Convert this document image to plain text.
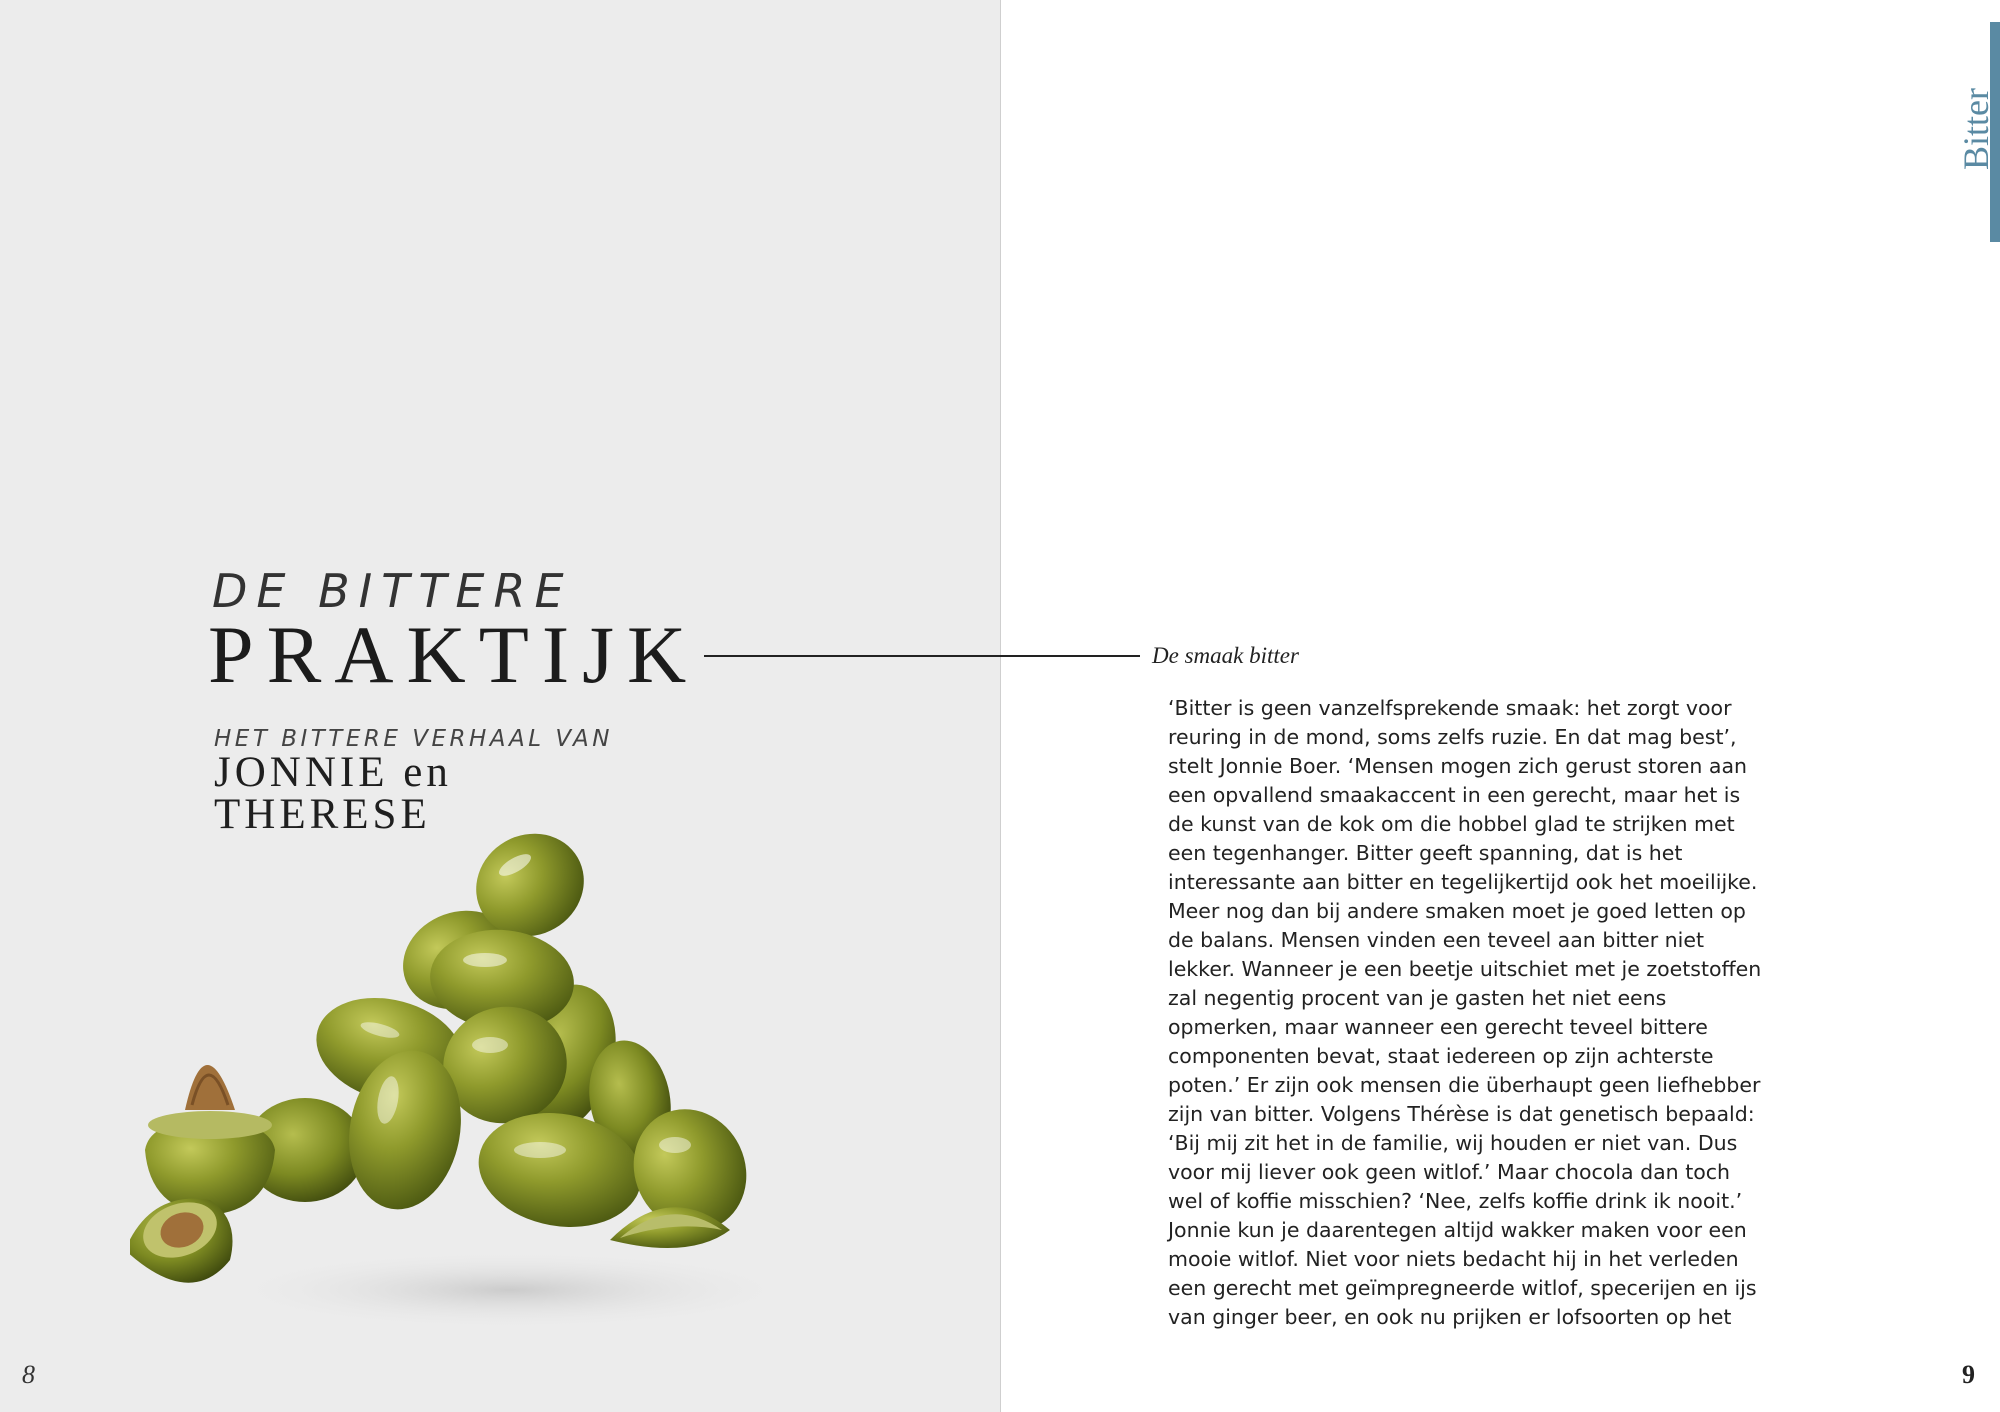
DE BITTERE
PRAKTIJK	De smaak bitter
HET BITTERE VERHAAL VAN
JONNIE en
THERESE
‘Bitter is geen vanzelfsprekende smaak: het zorgt voor
reuring in de mond, soms zelfs ruzie. En dat mag best’,
stelt Jonnie Boer. ‘Mensen mogen zich gerust storen aan
een opvallend smaakaccent in een gerecht, maar het is
de kunst van de kok om die hobbel glad te strijken met
een tegenhanger. Bitter geeft spanning, dat is het
interessante aan bitter en tegelijkertijd ook het moeilijke.
Meer nog dan bij andere smaken moet je goed letten op
de balans. Mensen vinden een teveel aan bitter niet
lekker. Wanneer je een beetje uitschiet met je zoetstoffen
zal negentig procent van je gasten het niet eens
opmerken, maar wanneer een gerecht teveel bittere
componenten bevat, staat iedereen op zijn achterste
poten.’ Er zijn ook mensen die überhaupt geen liefhebber
zijn van bitter. Volgens Thérèse is dat genetisch bepaald:
‘Bij mij zit het in de familie, wij houden er niet van. Dus
voor mij liever ook geen witlof.’ Maar chocola dan toch
wel of koffie misschien? ‘Nee, zelfs koffie drink ik nooit.’
Jonnie kun je daarentegen altijd wakker maken voor een
mooie witlof. Niet voor niets bedacht hij in het verleden
een gerecht met geïmpregneerde witlof, specerijen en ijs
van ginger beer, en ook nu prijken er lofsoorten op het
8	9
Bitter
